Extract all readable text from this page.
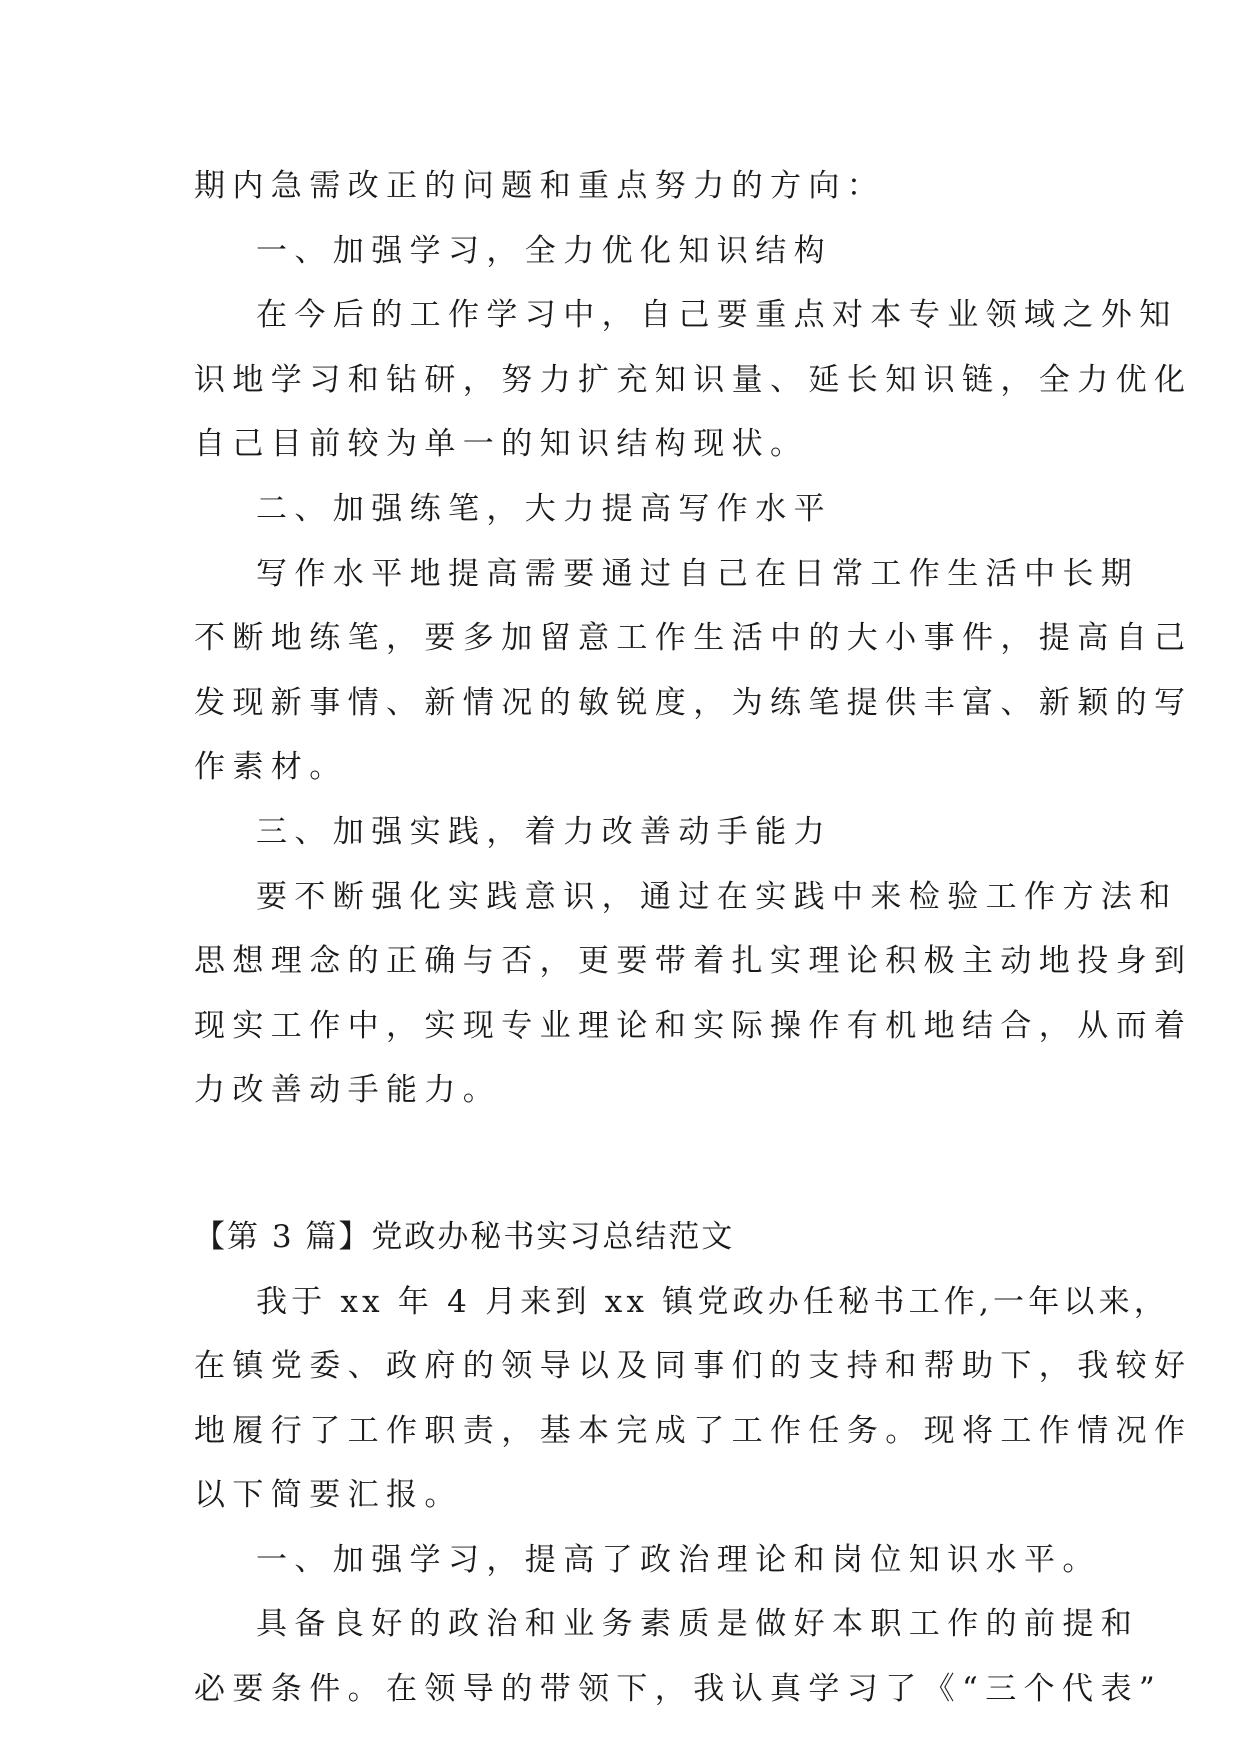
期内急需改正的问题和重点努力的方向：

一、加强学习，全力优化知识结构

在今后的工作学习中，自己要重点对本专业领域之外知

识地学习和钻研，努力扩充知识量、延长知识链，全力优化

自己目前较为单一的知识结构现状。

二、加强练笔，大力提高写作水平

写作水平地提高需要通过自己在日常工作生活中长期

不断地练笔，要多加留意工作生活中的大小事件，提高自己

发现新事情、新情况的敏锐度，为练笔提供丰富、新颖的写

作素材。

三、加强实践，着力改善动手能力

要不断强化实践意识，通过在实践中来检验工作方法和

思想理念的正确与否，更要带着扎实理论积极主动地投身到

现实工作中，实现专业理论和实际操作有机地结合，从而着

力改善动手能力。

【第 3 篇】党政办秘书实习总结范文

我于 xx 年 4 月来到 xx 镇党政办任秘书工作,一年以来，

在镇党委、政府的领导以及同事们的支持和帮助下，我较好

地履行了工作职责，基本完成了工作任务。现将工作情况作

以下简要汇报。

一、加强学习，提高了政治理论和岗位知识水平。

具备良好的政治和业务素质是做好本职工作的前提和

必要条件。在领导的带领下，我认真学习了《“三个代表”
